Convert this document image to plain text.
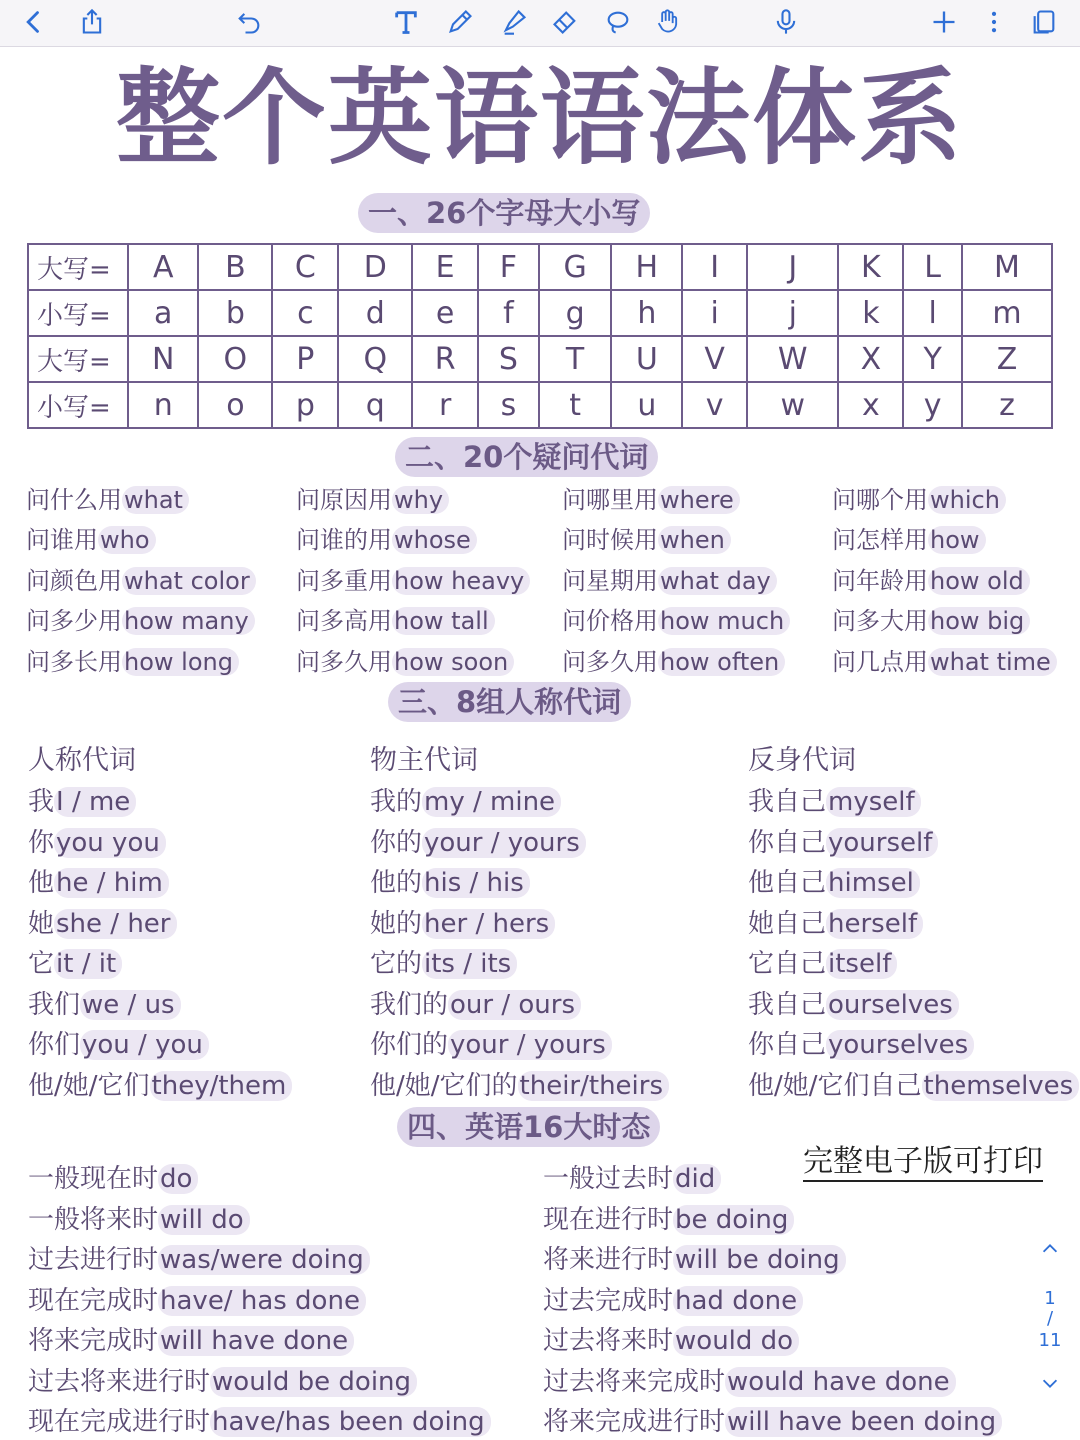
整个英语语法体系
一、26个字母大小写
大写=	A	B	C	D	E	F	G	H	I	J	K	L	M
小写=	a	b	c	d	e	f	g	h	i	j	k	l	m
大写=	N	O	P	Q	R	S	T	U	V	W	X	Y	Z
小写=	n	o	p	q	r	s	t	u	v	w	x	y	z
二、20个疑问代词
问什么用what	问原因用why	问哪里用where	问哪个用which
问谁用who	问谁的用whose	问时候用when	问怎样用how
问颜色用what color 问多重用how heavy 问星期用what day	问年龄用how old
问多少用how many 问多高用how tall	问价格用how much 问多大用how big
问多长用how long	问多久用how soon 问多久用how often 问几点用what time
三、8组人称代词
人称代词	物主代词	反身代词
我I / me	我的my / mine	我自己myself
你you you	你的your / yours	你自己yourself
他he / him	他的his / his	他自己himsel
她she / her	她的her / hers	她自己herself
它it / it	它的its / its	它自己itself
我们we / us	我们的our / ours	我自己ourselves
你们you / you	你们的your / yours	你自己yourselves
他/她/它们they/them	他/她/它们的their/theirs	他/她/它们自己themselves
四、英语16大时态
完整电子版可打印
一般现在时do	一般过去时did
一般将来时will do	现在进行时be doing
过去进行时was/were doing	将来进行时will be doing
现在完成时have/ has done	过去完成时had done
将来完成时will have done	过去将来时would do
过去将来进行时would be doing	过去将来完成时would have done
现在完成进行时have/has been doing 将来完成进行时will have been doing
1
/
11
